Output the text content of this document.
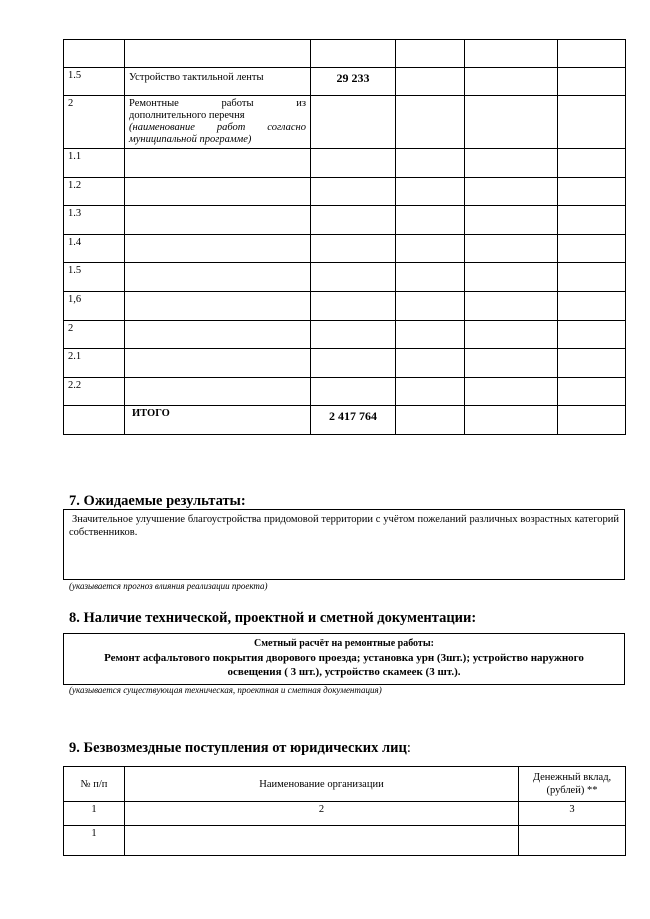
1.5	Устройство тактильной ленты	29 233			
2	Ремонтные работы из
дополнительного перечня
(наименование работ согласно
муниципальной программе)				

1.1					
1.2					
1.3					
1.4					
1.5					
1,6					
2					
2.1					
2.2					
	ИТОГО	2 417 764			
7. Ожидаемые результаты:
Значительное улучшение благоустройства придомовой территории с учётом пожеланий различных возрастных категорий собственников.
(указывается прогноз влияния реализации проекта)
8. Наличие технической, проектной и сметной документации:
Сметный расчёт на ремонтные работы:
Ремонт асфальтового покрытия дворового проезда; установка урн (3шт.); устройство наружного
освещения ( 3 шт.), устройство скамеек (3 шт.).
(указывается существующая техническая, проектная и сметная документация)
9. Безвозмездные поступления от юридических лиц:
№ п/п	Наименование организации	Денежный вклад, (рублей) **
1	2	3
1		
